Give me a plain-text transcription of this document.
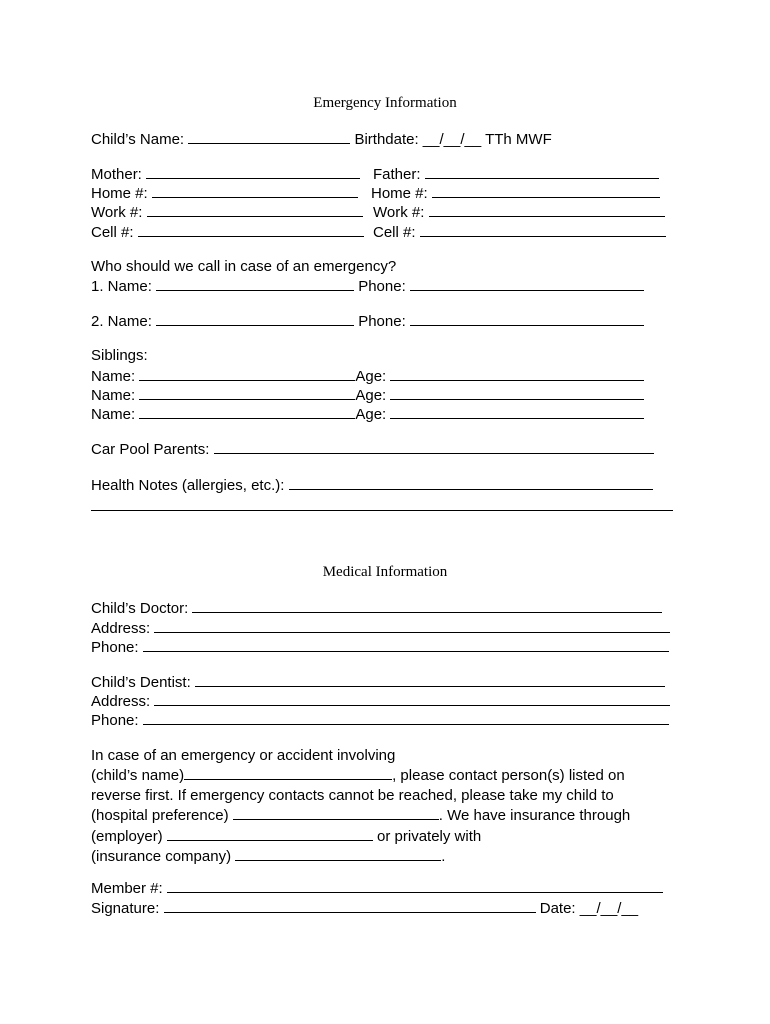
Emergency Information
Child’s Name:	Birthdate: __/__/__ TTh MWF
Mother:	Father:
Home #:	Home #:
Work #:	Work #:
Cell #:	Cell #:
Who should we call in case of an emergency?
1. Name:	Phone:
2. Name:	Phone:
Siblings:
Name:	Age:
Name:	Age:
Name:	Age:
Car Pool Parents:
Health Notes (allergies, etc.):
Medical Information
Child’s Doctor:
Address:
Phone:
Child’s Dentist:
Address:
Phone:
In case of an emergency or accident involving
(child’s name)	, please contact person(s) listed on
reverse first. If emergency contacts cannot be reached, please take my child to
(hospital preference)	. We have insurance through
(employer)	or privately with
(insurance company)	.
Member #:
Signature:	Date: __/__/__
